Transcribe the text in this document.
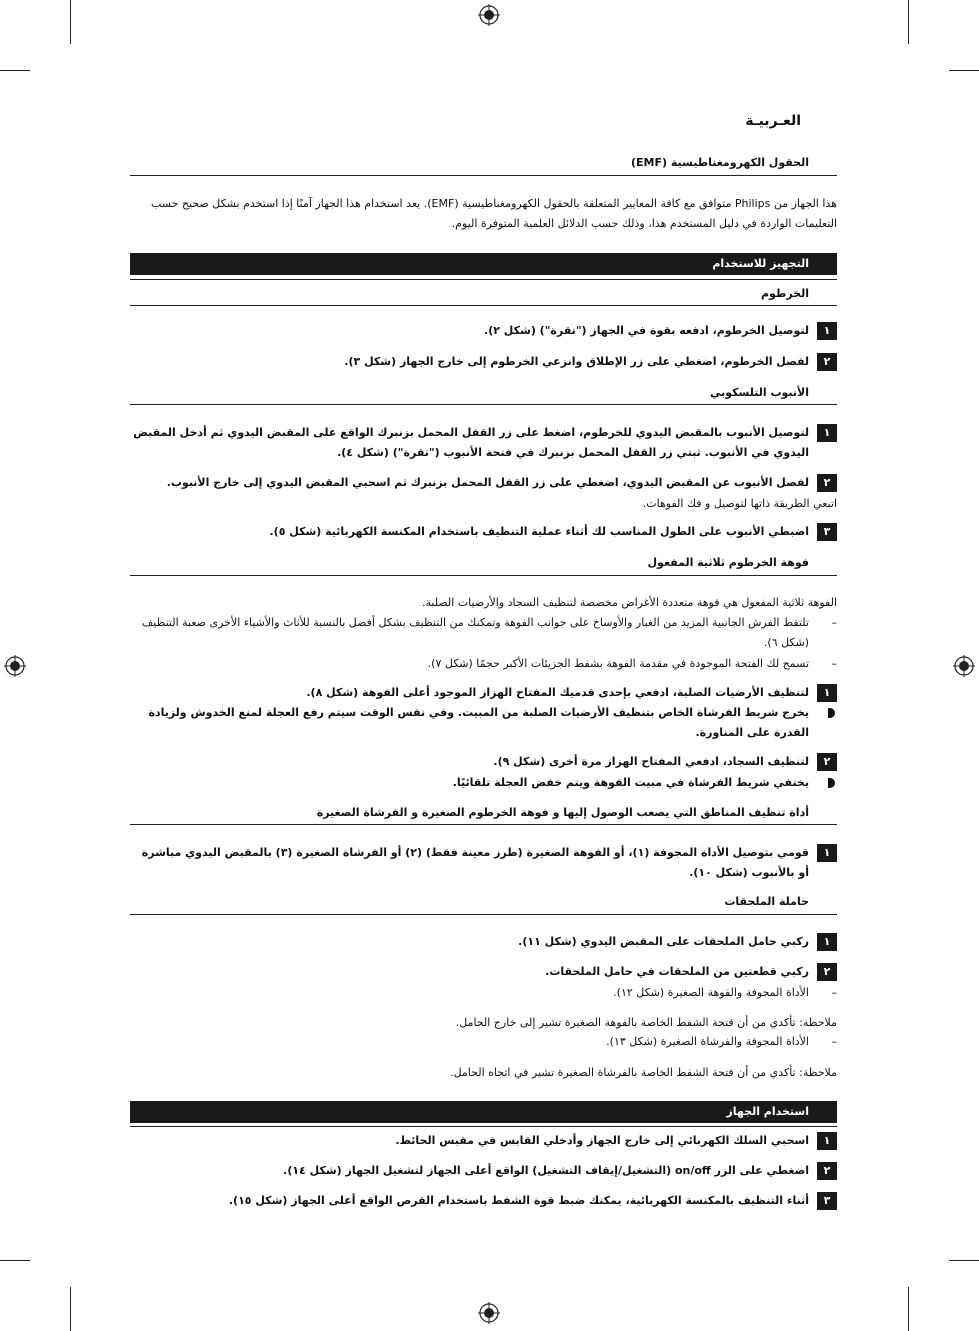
العـربيـة
الحقول الكهرومغناطيسية (EMF)
هذا الجهاز من Philips متوافق مع كافة المعايير المتعلقة بالحقول الكهرومغناطيسية (EMF). يعد استخدام هذا الجهاز آمنًا إذا استخدم بشكل صحيح حسب التعليمات الواردة في دليل المستخدم هذا، وذلك حسب الدلائل العلمية المتوفرة اليوم.
التجهيز للاستخدام
الخرطوم
١
لتوصيل الخرطوم، ادفعه بقوة في الجهاز ("نقرة") (شكل ٢).
٢
لفصل الخرطوم، اضغطي على زر الإطلاق وانزعي الخرطوم إلى خارج الجهاز (شكل ٣).
الأنبوب التلسكوبي
١
لتوصيل الأنبوب بالمقبض اليدوي للخرطوم، اضغط على زر القفل المحمل بزنبرك الواقع على المقبض اليدوي ثم أدخل المقبض اليدوي في الأنبوب. ثبتي زر القفل المحمل بزنبرك في فتحة الأنبوب ("نقرة") (شكل ٤).
٢
لفصل الأنبوب عن المقبض اليدوي، اضغطي على زر القفل المحمل بزنبرك ثم اسحبي المقبض اليدوي إلى خارج الأنبوب.
اتبعي الطريقة ذاتها لتوصيل و فك الفوهات.
٣
اضبطي الأنبوب على الطول المناسب لك أثناء عملية التنظيف باستخدام المكنسة الكهربائية (شكل ٥).
فوهة الخرطوم ثلاثية المفعول
الفوهة ثلاثية المفعول هي فوهة متعددة الأغراض مخصصة لتنظيف السجاد والأرضيات الصلبة.
–
تلتقط الفرش الجانبية المزيد من الغبار والأوساخ على جوانب الفوهة وتمكنك من التنظيف بشكل أفضل بالنسبة للأثاث والأشياء الأخرى صعبة التنظيف (شكل ٦).
–
تسمح لك الفتحة الموجودة في مقدمة الفوهة بشفط الجزيئات الأكبر حجمًا (شكل ٧).
١
لتنظيف الأرضيات الصلبة، ادفعي بإحدى قدميك المفتاح الهزاز الموجود أعلى الفوهة (شكل ٨).
يخرج شريط الفرشاة الخاص بتنظيف الأرضيات الصلبة من المبيت. وفي نفس الوقت سيتم رفع العجلة لمنع الخدوش ولزيادة القدرة على المناورة.
٢
لتنظيف السجاد، ادفعي المفتاح الهزاز مرة أخرى (شكل ٩).
يختفي شريط الفرشاة في مبيت الفوهة ويتم خفض العجلة تلقائيًا.
أداة تنظيف المناطق التي يصعب الوصول إليها و فوهة الخرطوم الصغيرة و الفرشاة الصغيرة
١
قومي بتوصيل الأداة المجوفة (١)، أو الفوهة الصغيرة (طرز معينة فقط) (٢) أو الفرشاة الصغيرة (٣) بالمقبض اليدوي مباشرة أو بالأنبوب (شكل ١٠).
حاملة الملحقات
١
ركبي حامل الملحقات على المقبض اليدوي (شكل ١١).
٢
ركبي قطعتين من الملحقات في حامل الملحقات.
–
الأداة المجوفة والفوهة الصغيرة (شكل ١٢).
ملاحظة: تأكدي من أن فتحة الشفط الخاصة بالفوهة الصغيرة تشير إلى خارج الحامل.
–
الأداة المجوفة والفرشاة الصغيرة (شكل ١٣).
ملاحظة: تأكدي من أن فتحة الشفط الخاصة بالفرشاة الصغيرة تشير في اتجاه الحامل.
استخدام الجهاز
١
اسحبي السلك الكهربائي إلى خارج الجهاز وأدخلي القابس في مقبس الحائط.
٢
اضغطي على الزر on/off (التشغيل/إيقاف التشغيل) الواقع أعلى الجهاز لتشغيل الجهاز (شكل ١٤).
٣
أثناء التنظيف بالمكنسة الكهربائية، يمكنك ضبط قوة الشفط باستخدام القرص الواقع أعلى الجهاز (شكل ١٥).
